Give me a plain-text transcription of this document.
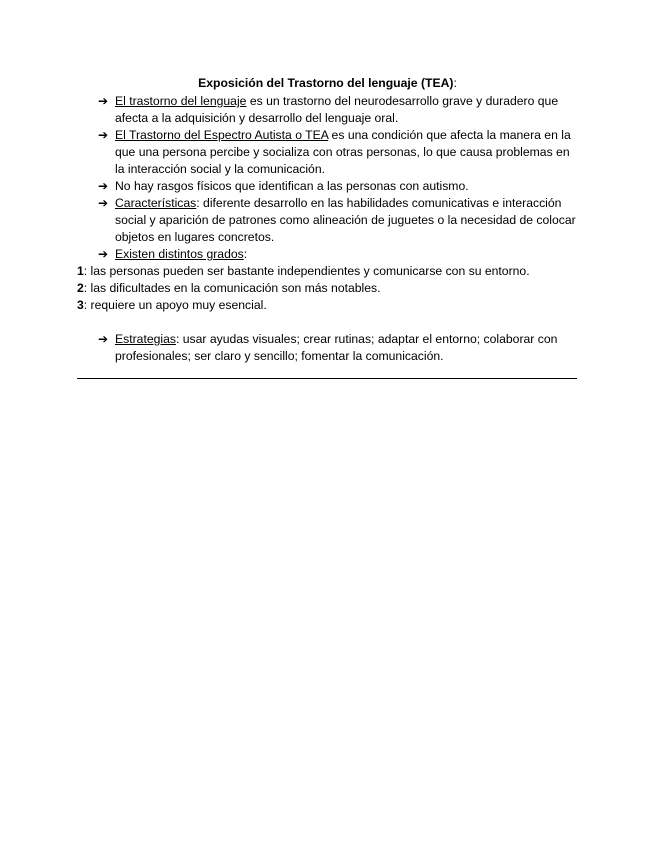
Exposición del Trastorno del lenguaje (TEA):
➔ El trastorno del lenguaje es un trastorno del neurodesarrollo grave y duradero que afecta a la adquisición y desarrollo del lenguaje oral.
➔ El Trastorno del Espectro Autista o TEA es una condición que afecta la manera en la que una persona percibe y socializa con otras personas, lo que causa problemas en la interacción social y la comunicación.
➔ No hay rasgos físicos que identifican a las personas con autismo.
➔ Características: diferente desarrollo en las habilidades comunicativas e interacción social y aparición de patrones como alineación de juguetes o la necesidad de colocar objetos en lugares concretos.
➔ Existen distintos grados:
1: las personas pueden ser bastante independientes y comunicarse con su entorno.
2: las dificultades en la comunicación son más notables.
3: requiere un apoyo muy esencial.
➔ Estrategias: usar ayudas visuales; crear rutinas; adaptar el entorno; colaborar con profesionales; ser claro y sencillo; fomentar la comunicación.
